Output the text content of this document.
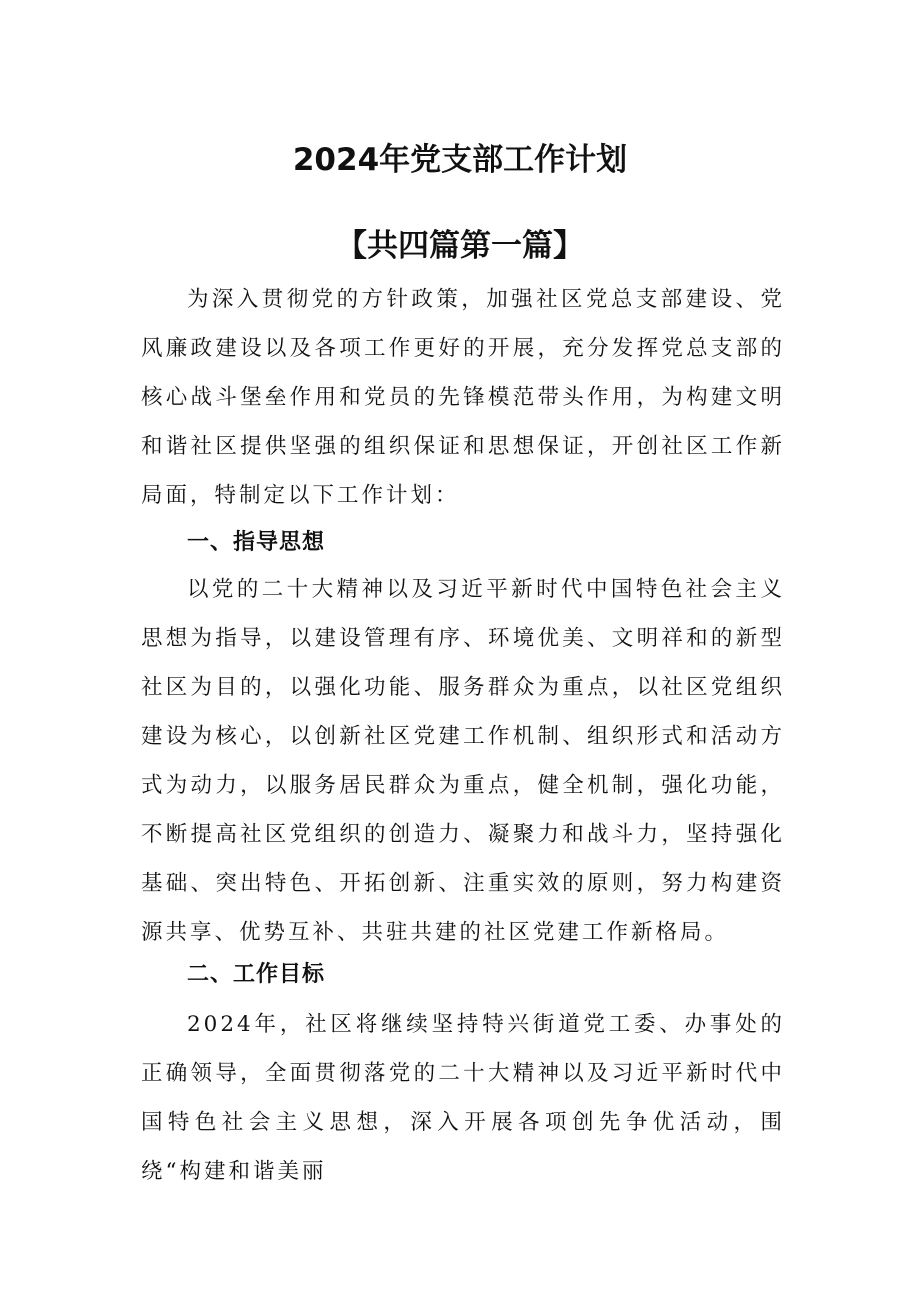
2024年党支部工作计划
【共四篇第一篇】

为深入贯彻党的方针政策，加强社区党总支部建设、党风廉政建设以及各项工作更好的开展，充分发挥党总支部的核心战斗堡垒作用和党员的先锋模范带头作用，为构建文明和谐社区提供坚强的组织保证和思想保证，开创社区工作新局面，特制定以下工作计划：

一、指导思想

以党的二十大精神以及习近平新时代中国特色社会主义思想为指导，以建设管理有序、环境优美、文明祥和的新型社区为目的，以强化功能、服务群众为重点，以社区党组织建设为核心，以创新社区党建工作机制、组织形式和活动方式为动力，以服务居民群众为重点，健全机制，强化功能，不断提高社区党组织的创造力、凝聚力和战斗力，坚持强化基础、突出特色、开拓创新、注重实效的原则，努力构建资源共享、优势互补、共驻共建的社区党建工作新格局。

二、工作目标

2024年，社区将继续坚持特兴街道党工委、办事处的正确领导，全面贯彻落党的二十大精神以及习近平新时代中国特色社会主义思想，深入开展各项创先争优活动，围绕“构建和谐美丽
